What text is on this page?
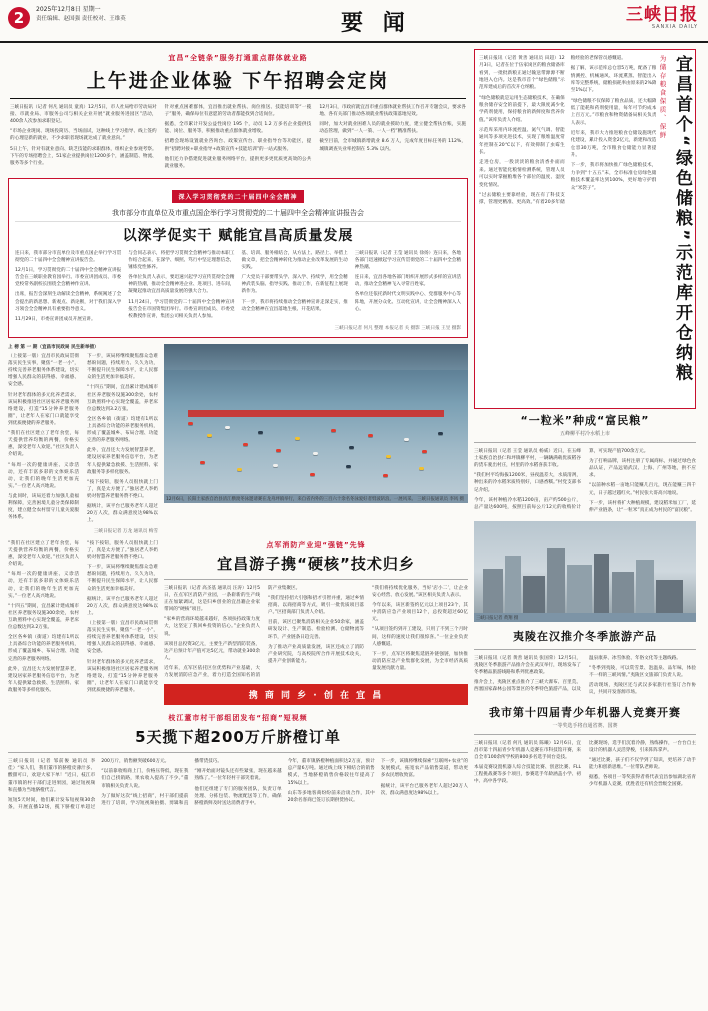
2	2025年12月8日 星期一
责任编辑、赵国强 责任校对、王维英	要 闻	三峡日报
SANXIA DAILY
宜昌“全链条”服务打通重点群体就业路
上午进企业体验 下午招聘会定岗

三峡日报讯（记者 何凡 通讯员 童真）12月5日，市人社局给市劳动局对接、市就业局、市服务公司与相关企业开展“就业服务进园区”活动，400余人次参加求职登记。

“市场企业现岗、现场投简历、当场面试，这种线上学习指导、线上签约的心理是新的就业，不少求职者现场就达成了就业意向。”

5日上午，针对有就业意向、缺乏技能的求职群体，组织企业参观考察。下午的专场招聘会上，51家企业提供岗位1200多个，涵盖制造、物流、服务等多个行业。

针对重点困难群体，宜昌推出就业帮扶、岗位推送、技能培训等“一揽子”服务，确保每位有意愿的劳动者都能找到合适岗位。

据悉，全市累计开发公益性岗位 195 个，动员 1.2 万多名企业提供技能、岗位、服务等，积极推动重点群体就业增收。

招聘会现场设置就业咨询台、政策宣传台、职业指导台等功能区，提供“招聘对接+职业指导+政策宣传+技能培训”的一站式服务。

他们还力争搭建促进就业服务网络平台，提供更多更优质更高效的公共就业服务。

12月3日，市政府就宜昌市重点群体就业帮扶工作召开专题会议，要求各地、各有关部门推动各项就业帮扶政策落地见效。

同时，加大对就业困难人员的就业援助力度，建立健全帮扶台账，实施动态管理，做到“一人一策、一人一档”精准帮扶。

截至目前，全市城镇新增就业 8.6 万人，完成年度目标任务的 112%，城镇调查失业率控制在 5.3% 以内。

深入学习贯彻党的二十届四中全会精神
我市部分市直单位及市重点国企举行学习贯彻党的二十届四中全会精神宣讲报告会
以深学促实干 赋能宜昌高质量发展

连日来，我市部分市直单位及市重点国企举行学习贯彻党的二十届四中全会精神宣讲报告会。

12月1日，学习贯彻党的二十届四中全会精神宣讲报告会在三峡职业教育园举行。市委宣讲团成员、市委党校常务副校长围绕全会精神作宣讲。

出席，报告会深刻生动解读全会精神，系统阐述了全会提出的新思想、新观点、新论断，对于我们深入学习领会全会精神具有重要指导意义。

11月29日，市委宣讲团成员开展宣讲。

与会同志表示，将把学习贯彻全会精神与推动本职工作结合起来，在深学、细照、笃行中坚定理想信念，锤炼党性修养。

各单位负责人表示，要迅速兴起学习宣传贯彻全会精神的热潮，推动全会精神进企业、进项目、进车间，凝聚起推动宜昌高质量发展的强大合力。

11月24日，学习贯彻党的二十届四中全会精神宣讲报告会在市国资集团举行。市委宣讲团成员、市委党校教授作宣讲，集团公司相关负责人参加。

基、培训、服务相结合，从方法上、路径上、举措上做文章，把全会精神转化为推动企业改革发展的生动实践。

广大党员干部要带头学、深入学、持续学，用全会精神武装头脑、指导实践、推动工作，在新征程上展现新作为。

下一步，我市将持续推动全会精神宣讲走深走实，推动全会精神在宜昌落地生根、开花结果。

三峡日报讯（记者 王莹 通讯员 徐扬）连日来，各地各部门迅速掀起学习宣传贯彻党的二十届四中全会精神热潮。

连日来，宜昌各地各部门组织开展形式多样的宣讲活动，推动全会精神飞入寻常百姓家。

各单位还依托新时代文明实践中心、党群服务中心等阵地，开展分众化、互动化宣讲，让全会精神深入人心。

三峡日报记者 何凡 整理 本报记者 关 摄影 三峡日报 王昱 摄影
上 榜 第 一 期（宜昌市民政局 民生新举措）

（上接第一版）宜昌市民政局贯彻落实民生实事，聚焦“一老一小”，持续完善养老服务体系建设，切实增强人民群众的获得感、幸福感、安全感。

针对老年群体的多元化养老需求，该局积极推进社区居家养老服务网络建设，打造“15分钟养老服务圈”，让老年人在家门口就能享受到优质便捷的养老服务。

“我们在社区建立了老年食堂，每天提供营养均衡的两餐，价格实惠，深受老年人欢迎。”社区负责人介绍说。

“每周一次的健康讲座、义诊活动，还有丰富多彩的文体娱乐活动，让我们的晚年生活更加充实。”一位老人高兴地说。

与此同时，该局还着力加强儿童福利保障，完善困境儿童分类保障制度，建立健全农村留守儿童关爱服务体系。

下一步，该局将继续聚焦群众急难愁盼问题，持续用力、久久为功，不断提升民生保障水平，让人民群众的生活更加幸福美好。

“十四五”期间，宜昌累计建成城市社区养老服务设施300余处，农村互助照料中心实现全覆盖，养老床位总数达到3.2万张。

全区各乡镇（街道）均建有1所以上具备综合功能的养老服务机构，形成了覆盖城乡、布局合理、功能完善的养老服务网络。

此外，宜昌还大力发展智慧养老，建设居家养老服务信息平台，为老年人提供紧急救援、生活照料、家政服务等多样化服务。

“按下按钮，服务人员很快就上门了，真是太方便了。”独居老人李奶奶对智慧养老服务赞不绝口。

据统计，该平台已服务老年人超过20万人次，群众满意度达98%以上。

三峡日报记者 万龙 通讯员 梅雪
12月6日，长阳土家族自治县清江横渡冬泳邀请赛在龙舟坪镇举行，来自省内外的三百六十余名冬泳爱好者劈波斩浪、一展风采。 三峡日报通讯员 李风 摄

“我们在社区建立了老年食堂，每天提供营养均衡的两餐，价格实惠，深受老年人欢迎。”社区负责人介绍说。

“每周一次的健康讲座、义诊活动，还有丰富多彩的文体娱乐活动，让我们的晚年生活更加充实。”一位老人高兴地说。

“十四五”期间，宜昌累计建成城市社区养老服务设施300余处，农村互助照料中心实现全覆盖，养老床位总数达到3.2万张。

全区各乡镇（街道）均建有1所以上具备综合功能的养老服务机构，形成了覆盖城乡、布局合理、功能完善的养老服务网络。

此外，宜昌还大力发展智慧养老，建设居家养老服务信息平台，为老年人提供紧急救援、生活照料、家政服务等多样化服务。

“按下按钮，服务人员很快就上门了，真是太方便了。”独居老人李奶奶对智慧养老服务赞不绝口。

下一步，该局将继续聚焦群众急难愁盼问题，持续用力、久久为功，不断提升民生保障水平，让人民群众的生活更加幸福美好。

据统计，该平台已服务老年人超过20万人次，群众满意度达98%以上。

（上接第一版）宜昌市民政局贯彻落实民生实事，聚焦“一老一小”，持续完善养老服务体系建设，切实增强人民群众的获得感、幸福感、安全感。

针对老年群体的多元化养老需求，该局积极推进社区居家养老服务网络建设，打造“15分钟养老服务圈”，让老年人在家门口就能享受到优质便捷的养老服务。

点军消防产业迎“强链”先锋
宜昌游子携“硬核”技术归乡

三峡日报讯（记者 高圣基 通讯员 汪涛）12月5日，在点军区消防产业园，一条崭新的生产线正在加紧调试，这是归乡创业的宜昌籍企业家带回的“硬核”项目。

“家乡的营商环境越来越好，各项扶持政策力度大，这坚定了我回乡投资的信心。”企业负责人说。

该项目总投资3亿元，主要生产新型消防装备，达产后预计年产值可达5亿元，带动就业300余人。

近年来，点军区依托区位优势和产业基础，大力发展消防应急产业，着力打造全国知名的消防产业集聚区。

“我们坚持招大引强和招才引智并重，通过乡情招商、以商招商等方式，吸引一批优质项目落户。”区招商部门负责人介绍。

目前，该区已聚集消防相关企业50余家，涵盖研发设计、生产制造、检验检测、仓储物流等环节，产业链条日趋完善。

为了推动产业高质量发展，该区还成立了消防产业研究院，与高校院所合作开展技术攻关，提升产业创新能力。

“我们将持续优化服务，当好‘店小二’，让企业安心经营、放心发展。”该区相关负责人表示。

今年以来，该区新签约亿元以上项目23个，其中消防应急产业项目12个，总投资超过60亿元。

“从项目签约到开工建设，只用了不到三个月时间，这样的速度让我们很惊喜。”一位企业负责人感慨道。

下一步，点军区将聚焦延链补链强链，加快推动消防应急产业集群化发展，为全市经济高质量发展贡献力量。

携 商 同 乡 · 创 在 宜 昌
枝江董市村干部组团发布“招商”短视频
5天揽下超200万斤脐橙订单

三峡日报讯（记者 邹前俊 通讯员 李佳）“家人们，我们董市的脐橙皮薄汁多、酸甜可口，欢迎大家下单！”近日，枝江市董市镇的村干部们走进果园，通过短视频和直播为当地脐橙代言。

短短5天时间，他们累计发布短视频30余条，开展直播12场，揽下脐橙订单超过200万斤，销售额突破600万元。

“以前靠收购商上门，价格压得低，现在我们自己找销路，果农收入提高了不少。”董市镇相关负责人说。

为了做好这次“线上招商”，村干部们提前进行了培训，学习短视频拍摄、剪辑和直播带货技巧。

“刚开始面对镜头还有些紧张，现在越来越熟练了。”一位年轻村干部笑着说。

他们还组建了专门的服务团队，负责订单处理、分拣包装、物流配送等工作，确保脐橙新鲜及时送达消费者手中。

今年，董市镇脐橙种植面积达2万亩，预计总产量6万吨。通过线上线下相结合的销售模式，当地脐橙销售价格较往年提高了15%以上。

山东等多地客商纷纷前来洽谈合作，其中20余名客商已签订长期供货协议。

下一步，该镇将继续探索“互联网+农业”的发展模式，拓宽农产品销售渠道，带动更多农民增收致富。

据统计，该平台已服务老年人超过20万人次，群众满意度达98%以上。

宜昌首个“绿色储粮”示范库开仓纳粮
为储存粮食保质、保鲜

三峡日报讯（记者 黄善 通讯员 田超）12月3日，记者在位于伍家岗区的粮食储备库看到，一批批新粮正通过输送带源源不断地进入仓内。这是我市首个“绿色储粮”示范库建成后的首次开仓纳粮。

“绿色储粮就是运用生态储粮技术，在确保粮食储存安全的前提下，最大限度减少化学药剂使用，保持粮食的新鲜度和营养价值。”该库负责人介绍。

示范库采用内环流控温、氮气气调、智能通风等多项先进技术，实现了粮堆温度常年控制在20℃以下，有效抑制了虫霉生长。

走进仓房，一股淡淡的粮食清香扑面而来。通过智能化粮情检测系统，管理人员可以实时掌握粮堆各个部位的温度、湿度变化情况。

“过去储粮主要靠经验，现在有了科技支撑，管理更精准、更高效。”有着20多年储粮经验的老保管员感慨道。

据了解，该示范库总仓容5万吨，配备了粮情测控、机械通风、环流熏蒸、智能出入库等完整系统，储粮损耗率由原来的2%降至1%以下。

“绿色储粮不仅保障了粮食品质，还大幅降低了能耗和药剂使用量，每年可节约成本上百万元。”市粮食和物资储备局相关负责人表示。

近年来，我市大力推进粮食仓储设施现代化建设，累计投入资金2亿元，新建和改造仓容30万吨，全市粮食仓储能力显著提升。

下一步，我市将加快推广绿色储粮技术，力争到“十五五”末，全市标准仓房绿色储粮技术覆盖率达到100%，更好地守护群众“米袋子”。

“一粒米”种成“富民粮”
五峰柳平村冷水稻上市

三峡日报讯（记者 王莹 通讯员 杨威）近日，在五峰土家族自治县仁和坪镇柳平村，一辆辆满载优质稻谷的货车驶出村庄，村里的冷水稻喜获丰收。

“我们村平均海拔1200米，昼夜温差大，水质清冽，种出来的冷水稻米质特别好，口感香糯。”村党支部书记介绍。

今年，该村种植冷水稻1200亩，亩产约500公斤，总产量达600吨，按照目前每公斤12元的收购价计算，可实现产值700余万元。

为了打响品牌，该村注册了专属商标，并通过绿色食品认证，产品远销武汉、上海、广州等地，供不应求。

“以前种水稻一亩地只能赚几百元，现在能赚三四千元，日子越过越红火。”村民张大哥高兴地说。

下一步，该村将扩大种植规模，建设稻米加工厂，延伸产业链条，让“一粒米”真正成为村民的“富民粮”。

三峡日报记者 黄翔 摄
夷陵在汉推介冬季旅游产品

三峡日报讯（记者 黄善 通讯员 张国荣）12月5日，夷陵区冬季旅游产品推介会在武汉举行，现场发布了冬季精品旅游线路和系列优惠政策。

推介会上，夷陵区重点推介了三峡大瀑布、百里荒、西塞国家森林公园等景区的冬季特色旅游产品，以及温泉康养、冰雪体验、年俗文化等主题线路。

“冬季到夷陵，可以赏雪景、泡温泉、品年味，体验不一样的三峡风情。”夷陵区文旅部门负责人说。

活动现场，夷陵区还与武汉多家旅行社签订合作协议，共同开发客源市场。

我市第十四届青少年机器人竞赛开赛
一等奖选手将直通省赛、国赛

三峡日报讯（记者 何凡 通讯员 陈曦）12月6日，宜昌市第十四届青少年机器人竞赛在市科技馆开赛，来自全市100余所学校的800多名选手同台竞技。

本届竞赛设置机器人综合技能比赛、创意比赛、FLL工程挑战赛等多个项目，参赛选手年龄涵盖小学、初中、高中各学段。

比赛现场，选手们沉着冷静，熟练操作，一台台自主设计的机器人灵活穿梭，引来阵阵掌声。

“通过比赛，孩子们不仅学到了知识，更培养了动手能力和创新思维。”一位带队老师说。

据悉，各项目一等奖获得者将代表宜昌参加湖北省青少年机器人竞赛，优胜者还有机会晋级全国赛。
